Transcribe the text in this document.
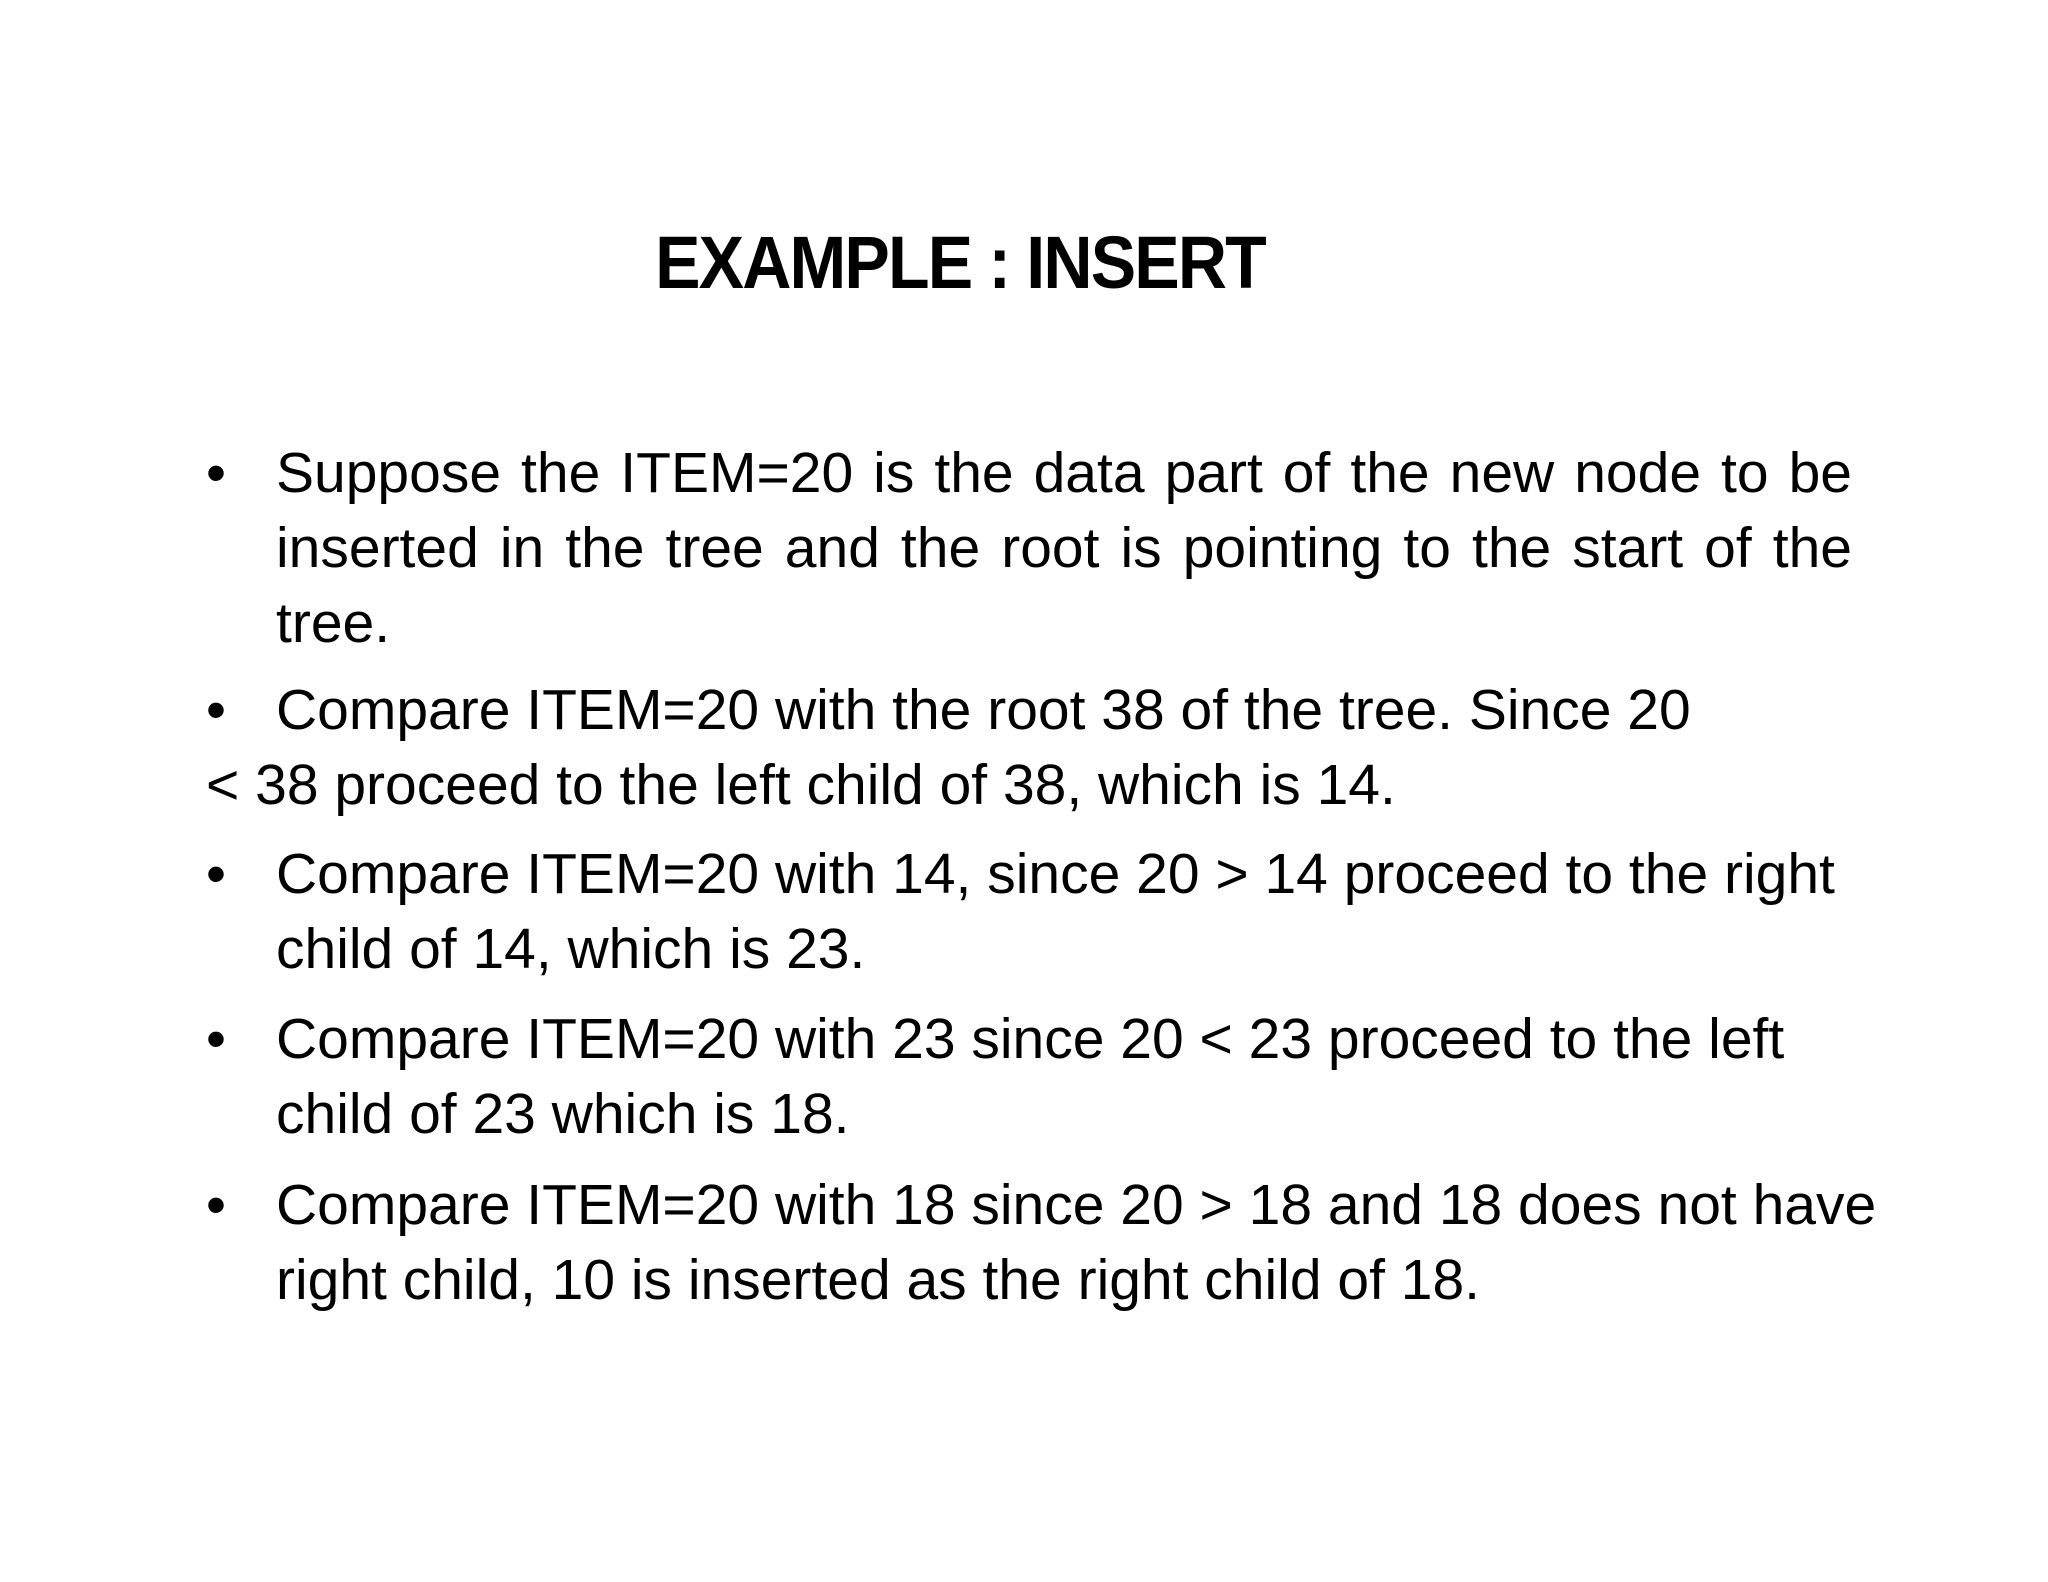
EXAMPLE : INSERT
• Suppose the ITEM=20 is the data part of the new node to be inserted in the tree and the root is pointing to the start of the tree.
• Compare ITEM=20 with the root 38 of the tree. Since 20
< 38 proceed to the left child of 38, which is 14.
• Compare ITEM=20 with 14, since 20 > 14 proceed to the right child of 14, which is 23.
• Compare ITEM=20 with 23 since 20 < 23 proceed to the left child of 23 which is 18.
• Compare ITEM=20 with 18 since 20 > 18 and 18 does not have right child, 10 is inserted as the right child of 18.
